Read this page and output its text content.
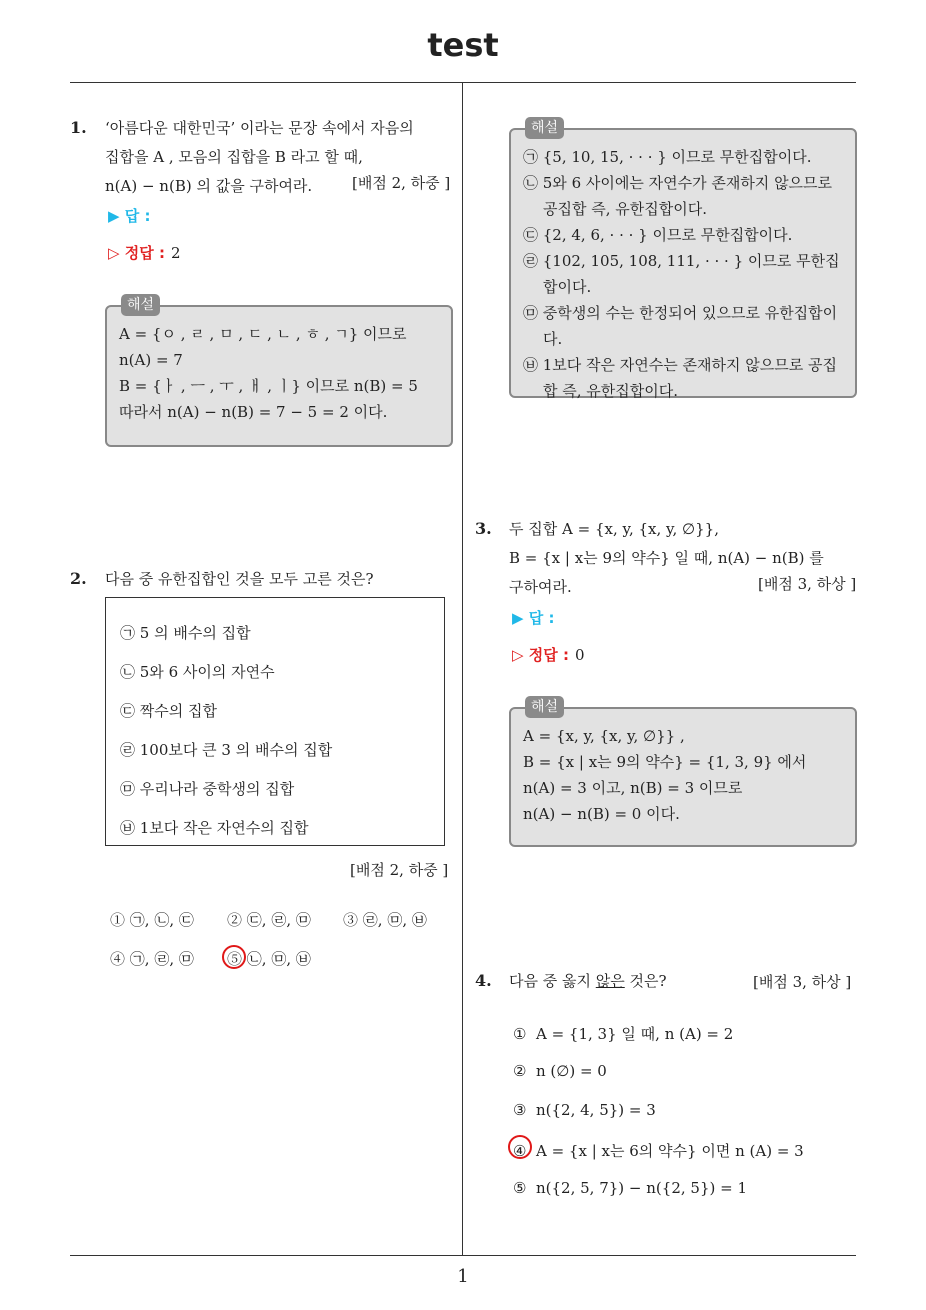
test
1
1. ‘아름다운 대한민국’ 이라는 문장 속에서 자음의
집합을 A , 모음의 집합을 B 라고 할 때,
n(A) − n(B) 의 값을 구하여라.	[배점 2, 하중 ]
▶ 답 :
▷ 정답 : 2
해설
A = {ㅇ , ㄹ , ㅁ , ㄷ , ㄴ , ㅎ , ㄱ} 이므로
n(A) = 7
B = {ㅏ , ㅡ , ㅜ , ㅐ , ㅣ} 이므로 n(B) = 5
따라서 n(A) − n(B) = 7 − 5 = 2 이다.
해설
㉠ {5, 10, 15, · · · } 이므로 무한집합이다.
㉡ 5와 6 사이에는 자연수가 존재하지 않으므로 공집합 즉, 유한집합이다.
㉢ {2, 4, 6, · · · } 이므로 무한집합이다.
㉣ {102, 105, 108, 111, · · · } 이므로 무한집합이다.
㉤ 중학생의 수는 한정되어 있으므로 유한집합이다.
㉥ 1보다 작은 자연수는 존재하지 않으므로 공집합 즉, 유한집합이다.
2. 다음 중 유한집합인 것을 모두 고른 것은?
㉠ 5 의 배수의 집합
㉡ 5와 6 사이의 자연수
㉢ 짝수의 집합
㉣ 100보다 큰 3 의 배수의 집합
㉤ 우리나라 중학생의 집합
㉥ 1보다 작은 자연수의 집합
[배점 2, 하중 ]
① ㉠, ㉡, ㉢ ② ㉢, ㉣, ㉤ ③ ㉣, ㉤, ㉥
④ ㉠, ㉣, ㉤ ⑤ ㉡, ㉤, ㉥
3. 두 집합 A = {x, y, {x, y, ∅}},
B = {x | x는 9의 약수} 일 때, n(A) − n(B) 를
구하여라.	[배점 3, 하상 ]
▶ 답 :
▷ 정답 : 0
해설
A = {x, y, {x, y, ∅}} ,
B = {x | x는 9의 약수} = {1, 3, 9} 에서
n(A) = 3 이고, n(B) = 3 이므로
n(A) − n(B) = 0 이다.
4. 다음 중 옳지 않은 것은?	[배점 3, 하상 ]
① A = {1, 3} 일 때, n (A) = 2
② n (∅) = 0
③ n({2, 4, 5}) = 3
④ A = {x | x는 6의 약수} 이면 n (A) = 3
⑤ n({2, 5, 7}) − n({2, 5}) = 1
